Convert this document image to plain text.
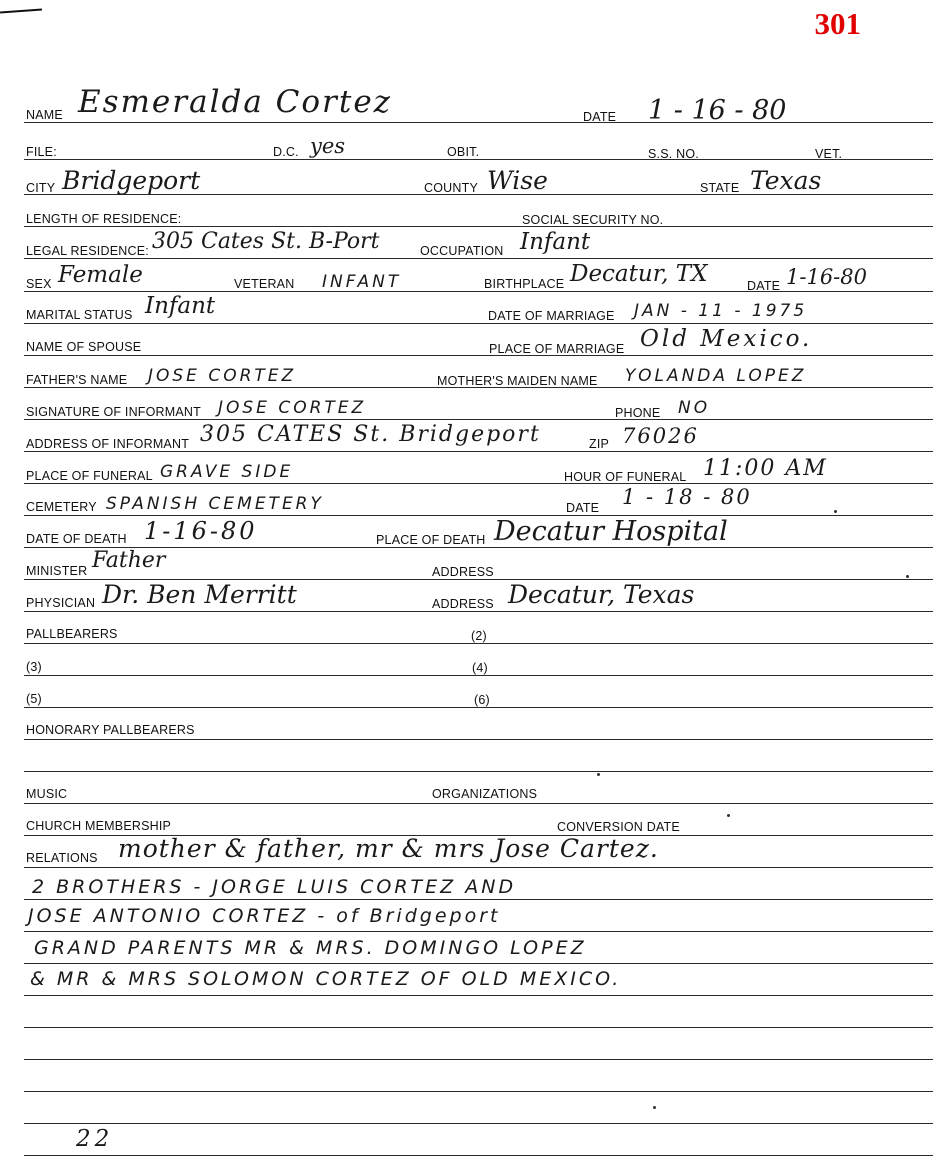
301
NAME Esmeralda Cortez	DATE 1 - 16 - 80
FILE:	D.C. yes	OBIT.	S.S. NO.	VET.
CITY Bridgeport	COUNTY Wise	STATE Texas
LENGTH OF RESIDENCE:	SOCIAL SECURITY NO.
LEGAL RESIDENCE: 305 Cates St. B-Port	OCCUPATION Infant
SEX Female	VETERAN INFANT	BIRTHPLACE Decatur, TX	DATE 1-16-80
MARITAL STATUS Infant	DATE OF MARRIAGE JAN - 11 - 1975
NAME OF SPOUSE	PLACE OF MARRIAGE Old Mexico.
FATHER'S NAME JOSE CORTEZ	MOTHER'S MAIDEN NAME YOLANDA LOPEZ
SIGNATURE OF INFORMANT JOSE CORTEZ	PHONE NO
ADDRESS OF INFORMANT 305 CATES St. Bridgeport	ZIP 76026
PLACE OF FUNERAL GRAVE SIDE	HOUR OF FUNERAL 11:00 AM
CEMETERY SPANISH CEMETERY	DATE 1 - 18 - 80
DATE OF DEATH 1-16-80	PLACE OF DEATH Decatur Hospital
MINISTER Father	ADDRESS
PHYSICIAN Dr. Ben Merritt	ADDRESS Decatur, Texas
PALLBEARERS	(2)
(3)	(4)
(5)	(6)
HONORARY PALLBEARERS
MUSIC	ORGANIZATIONS
CHURCH MEMBERSHIP	CONVERSION DATE
RELATIONS mother & father, mr & mrs Jose Cartez.
2 BROTHERS - JORGE LUIS CORTEZ AND
JOSE ANTONIO CORTEZ - of Bridgeport
GRAND PARENTS MR & MRS. DOMINGO LOPEZ
& MR & MRS SOLOMON CORTEZ OF OLD MEXICO.
22
